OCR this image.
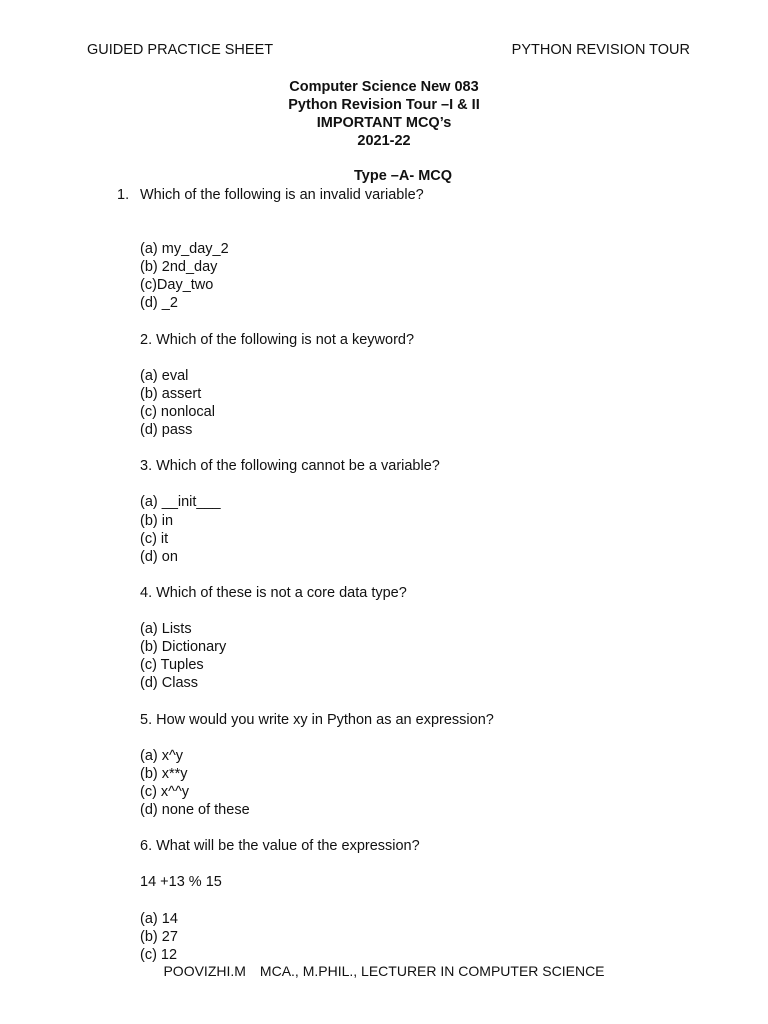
GUIDED PRACTICE SHEET	PYTHON REVISION TOUR
Computer Science New 083
Python Revision Tour –I & II
IMPORTANT MCQ’s
2021-22
Type –A- MCQ
1. Which of the following is an invalid variable?
(a) my_day_2
(b) 2nd_day
(c)Day_two
(d) _2
2. Which of the following is not a keyword?
(a) eval
(b) assert
(c) nonlocal
(d) pass
3. Which of the following cannot be a variable?
(a) __init___
(b) in
(c) it
(d) on
4. Which of these is not a core data type?
(a) Lists
(b) Dictionary
(c) Tuples
(d) Class
5. How would you write xy in Python as an expression?
(a) x^y
(b) x**y
(c) x^^y
(d) none of these
6. What will be the value of the expression?
14 +13 % 15
(a) 14
(b) 27
(c) 12
POOVIZHI.M MCA., M.PHIL., LECTURER IN COMPUTER SCIENCE
